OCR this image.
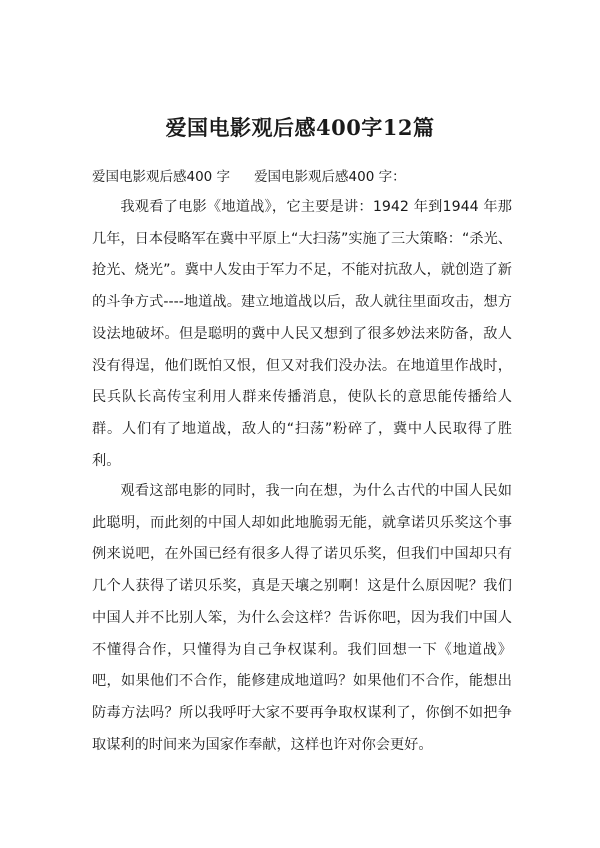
爱国电影观后感400字12篇
爱国电影观后感400 字 爱国电影观后感400 字：

我观看了电影《地道战》，它主要是讲：1942 年到1944 年那几年，日本侵略军在冀中平原上“大扫荡”实施了三大策略：“杀光、抢光、烧光”。冀中人发由于军力不足，不能对抗敌人，就创造了新的斗争方式----地道战。建立地道战以后，敌人就往里面攻击，想方设法地破坏。但是聪明的冀中人民又想到了很多妙法来防备，敌人没有得逞，他们既怕又恨，但又对我们没办法。在地道里作战时，民兵队长高传宝利用人群来传播消息，使队长的意思能传播给人群。人们有了地道战，敌人的“扫荡”粉碎了，冀中人民取得了胜利。

观看这部电影的同时，我一向在想，为什么古代的中国人民如此聪明，而此刻的中国人却如此地脆弱无能，就拿诺贝乐奖这个事例来说吧，在外国已经有很多人得了诺贝乐奖，但我们中国却只有几个人获得了诺贝乐奖，真是天壤之别啊！这是什么原因呢？我们中国人并不比别人笨，为什么会这样？告诉你吧，因为我们中国人不懂得合作，只懂得为自己争权谋利。我们回想一下《地道战》吧，如果他们不合作，能修建成地道吗？如果他们不合作，能想出防毒方法吗？所以我呼吁大家不要再争取权谋利了，你倒不如把争取谋利的时间来为国家作奉献，这样也许对你会更好。
